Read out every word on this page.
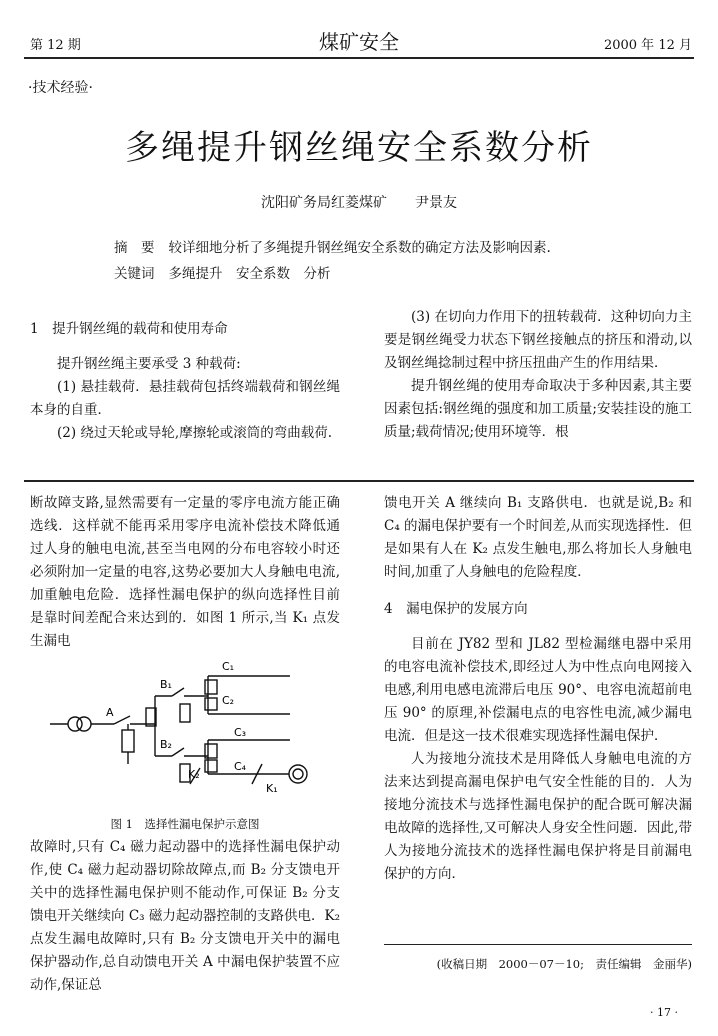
第 12 期	煤矿安全	2000 年 12 月
·技术经验·
多绳提升钢丝绳安全系数分析
沈阳矿务局红菱煤矿　　尹景友
摘　要 较详细地分析了多绳提升钢丝绳安全系数的确定方法及影响因素.
关键词 多绳提升　安全系数　分析

1　提升钢丝绳的载荷和使用寿命

提升钢丝绳主要承受 3 种载荷:

(1) 悬挂载荷．悬挂载荷包括终端载荷和钢丝绳本身的自重．

(2) 绕过天轮或导轮,摩擦轮或滚筒的弯曲载荷.

(3) 在切向力作用下的扭转载荷．这种切向力主要是钢丝绳受力状态下钢丝接触点的挤压和滑动,以及钢丝绳捻制过程中挤压扭曲产生的作用结果．

提升钢丝绳的使用寿命取决于多种因素,其主要因素包括:钢丝绳的强度和加工质量;安装挂设的施工质量;载荷情况;使用环境等．根

断故障支路,显然需要有一定量的零序电流方能正确选线．这样就不能再采用零序电流补偿技术降低通过人身的触电电流,甚至当电网的分布电容较小时还必须附加一定量的电容,这势必要加大人身触电电流,加重触电危险．选择性漏电保护的纵向选择性目前是靠时间差配合来达到的．如图 1 所示,当 K₁ 点发生漏电

A
B₁
B₂
C₁
C₂
C₃
C₄
K₁
K₂
图 1　选择性漏电保护示意图

故障时,只有 C₄ 磁力起动器中的选择性漏电保护动作,使 C₄ 磁力起动器切除故障点,而 B₂ 分支馈电开关中的选择性漏电保护则不能动作,可保证 B₂ 分支馈电开关继续向 C₃ 磁力起动器控制的支路供电．K₂ 点发生漏电故障时,只有 B₂ 分支馈电开关中的漏电保护器动作,总自动馈电开关 A 中漏电保护装置不应动作,保证总

馈电开关 A 继续向 B₁ 支路供电．也就是说,B₂ 和 C₄ 的漏电保护要有一个时间差,从而实现选择性．但是如果有人在 K₂ 点发生触电,那么将加长人身触电时间,加重了人身触电的危险程度．

4　漏电保护的发展方向

目前在 JY82 型和 JL82 型检漏继电器中采用的电容电流补偿技术,即经过人为中性点向电网接入电感,利用电感电流滞后电压 90°、电容电流超前电压 90° 的原理,补偿漏电点的电容性电流,减少漏电电流．但是这一技术很难实现选择性漏电保护．

人为接地分流技术是用降低人身触电电流的方法来达到提高漏电保护电气安全性能的目的．人为接地分流技术与选择性漏电保护的配合既可解决漏电故障的选择性,又可解决人身安全性问题．因此,带人为接地分流技术的选择性漏电保护将是目前漏电保护的方向．

(收稿日期　2000－07－10;　责任编辑　金丽华)
· 17 ·
